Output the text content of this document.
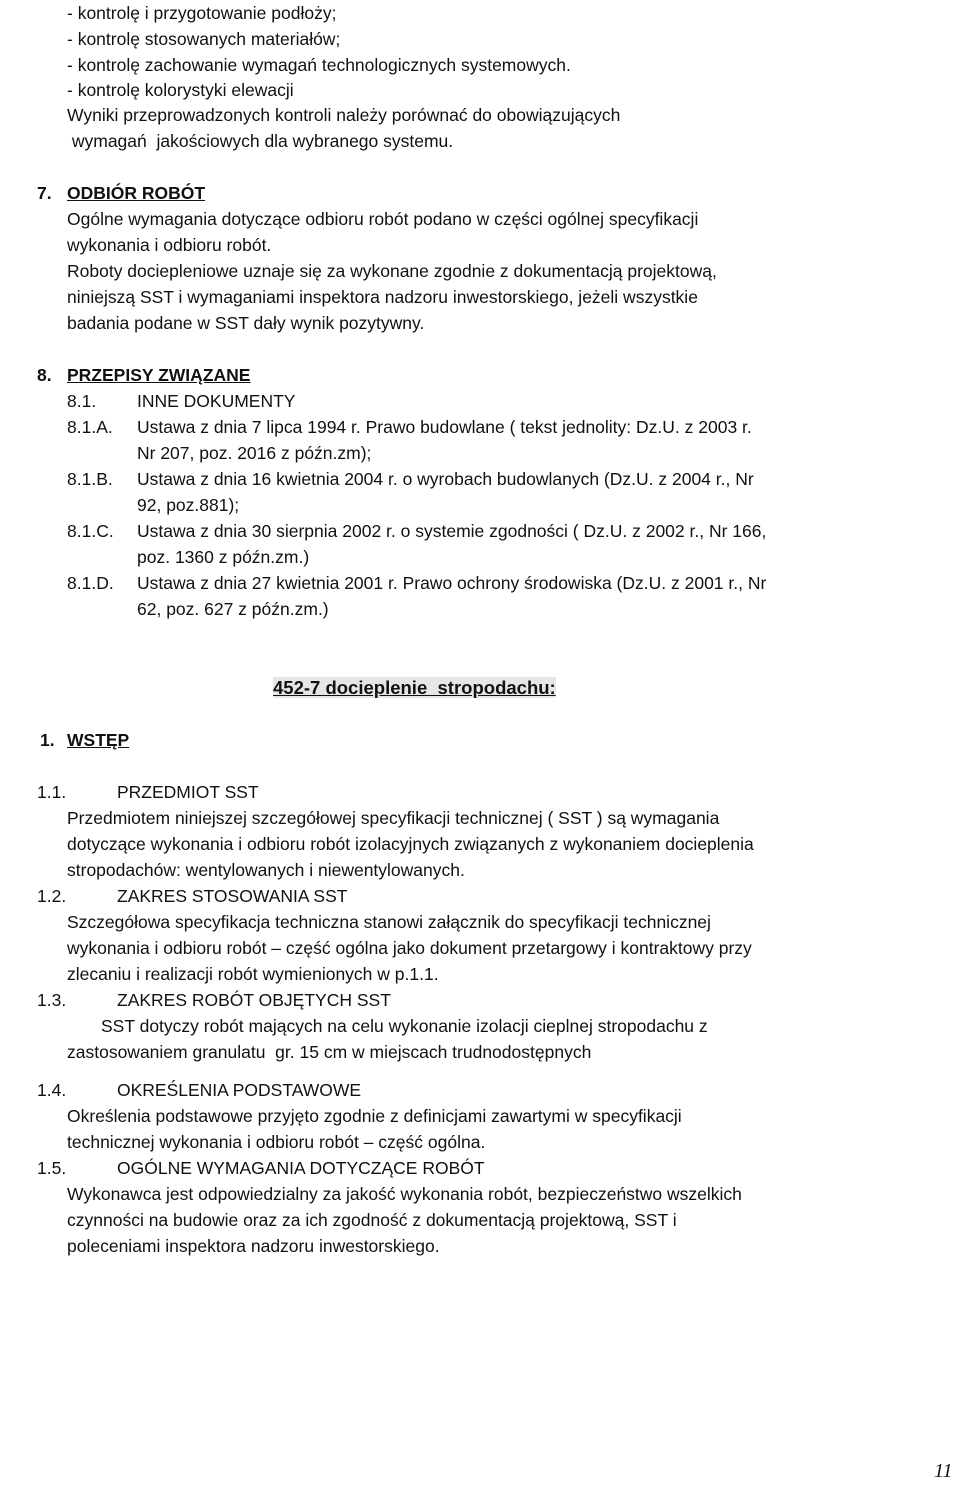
- kontrolę i przygotowanie podłoży;
- kontrolę stosowanych materiałów;
- kontrolę zachowanie wymagań technologicznych systemowych.
- kontrolę kolorystyki elewacji
Wyniki przeprowadzonych kontroli należy porównać do obowiązujących
wymagań  jakościowych dla wybranego systemu.
7. ODBIÓR ROBÓT
Ogólne wymagania dotyczące odbioru robót podano w części ogólnej specyfikacji
wykonania i odbioru robót.
Roboty dociepleniowe uznaje się za wykonane zgodnie z dokumentacją projektową,
niniejszą SST i wymaganiami inspektora nadzoru inwestorskiego, jeżeli wszystkie
badania podane w SST dały wynik pozytywny.
8. PRZEPISY ZWIĄZANE
8.1. INNE DOKUMENTY
8.1.A. Ustawa z dnia 7 lipca 1994 r. Prawo budowlane ( tekst jednolity: Dz.U. z 2003 r.
Nr 207, poz. 2016 z późn.zm);
8.1.B. Ustawa z dnia 16 kwietnia 2004 r. o wyrobach budowlanych (Dz.U. z 2004 r., Nr
92, poz.881);
8.1.C. Ustawa z dnia 30 sierpnia 2002 r. o systemie zgodności ( Dz.U. z 2002 r., Nr 166,
poz. 1360 z późn.zm.)
8.1.D. Ustawa z dnia 27 kwietnia 2001 r. Prawo ochrony środowiska (Dz.U. z 2001 r., Nr
62, poz. 627 z późn.zm.)
452-7 docieplenie  stropodachu:
1. WSTĘP
1.1.	PRZEDMIOT SST
Przedmiotem niniejszej szczegółowej specyfikacji technicznej ( SST ) są wymagania
dotyczące wykonania i odbioru robót izolacyjnych związanych z wykonaniem docieplenia
stropodachów: wentylowanych i niewentylowanych.
1.2.	ZAKRES STOSOWANIA SST
Szczegółowa specyfikacja techniczna stanowi załącznik do specyfikacji technicznej
wykonania i odbioru robót – część ogólna jako dokument przetargowy i kontraktowy przy
zlecaniu i realizacji robót wymienionych w p.1.1.
1.3.	ZAKRES ROBÓT OBJĘTYCH SST
SST dotyczy robót mających na celu wykonanie izolacji cieplnej stropodachu z
zastosowaniem granulatu  gr. 15 cm w miejscach trudnodostępnych
1.4.	OKREŚLENIA PODSTAWOWE
Określenia podstawowe przyjęto zgodnie z definicjami zawartymi w specyfikacji
technicznej wykonania i odbioru robót – część ogólna.
1.5.	OGÓLNE WYMAGANIA DOTYCZĄCE ROBÓT
Wykonawca jest odpowiedzialny za jakość wykonania robót, bezpieczeństwo wszelkich
czynności na budowie oraz za ich zgodność z dokumentacją projektową, SST i
poleceniami inspektora nadzoru inwestorskiego.
11
